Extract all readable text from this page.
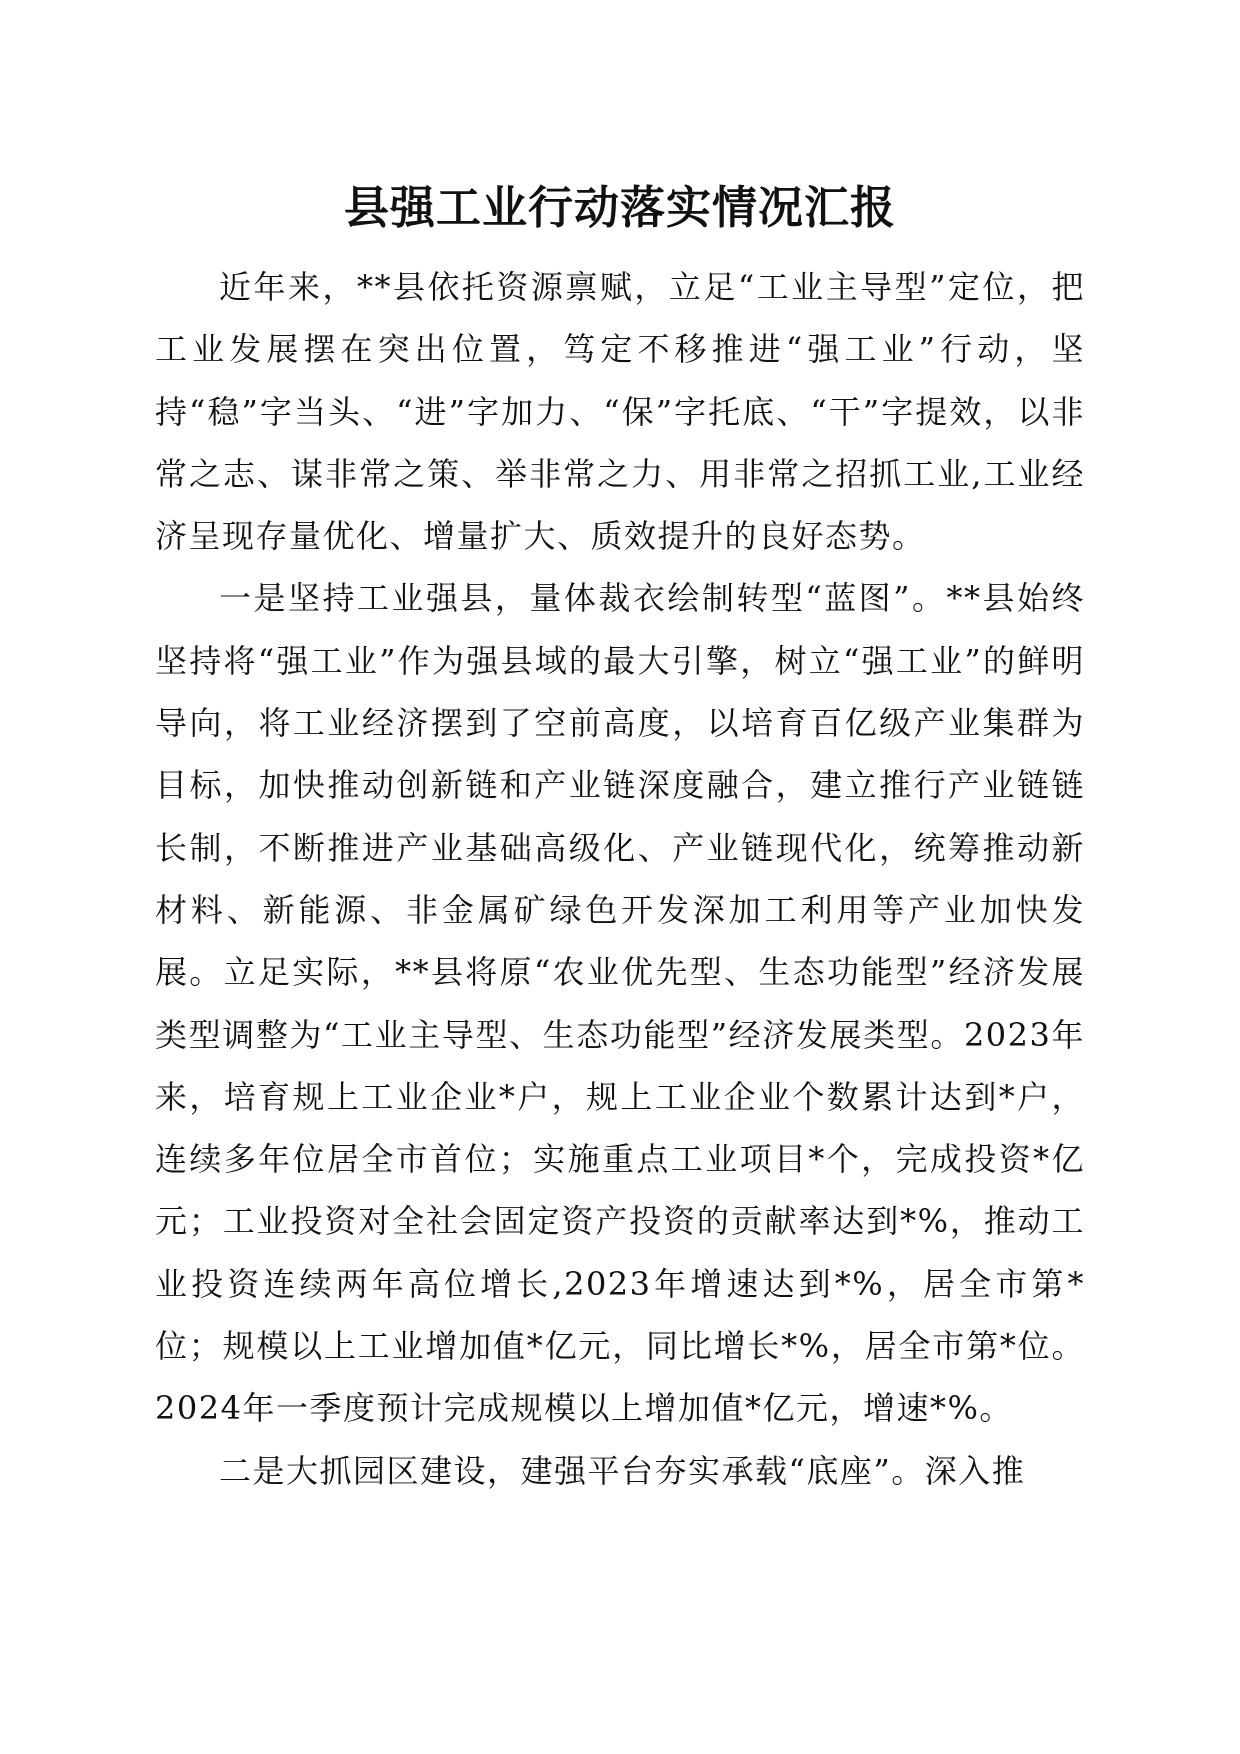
县强工业行动落实情况汇报

近年来，**县依托资源禀赋，立足“工业主导型”定位，把工业发展摆在突出位置，笃定不移推进“强工业”行动，坚持“稳”字当头、“进”字加力、“保”字托底、“干”字提效，以非常之志、谋非常之策、举非常之力、用非常之招抓工业,工业经济呈现存量优化、增量扩大、质效提升的良好态势。

一是坚持工业强县，量体裁衣绘制转型“蓝图”。**县始终坚持将“强工业”作为强县域的最大引擎，树立“强工业”的鲜明导向，将工业经济摆到了空前高度，以培育百亿级产业集群为目标，加快推动创新链和产业链深度融合，建立推行产业链链长制，不断推进产业基础高级化、产业链现代化，统筹推动新材料、新能源、非金属矿绿色开发深加工利用等产业加快发展。立足实际，**县将原“农业优先型、生态功能型”经济发展类型调整为“工业主导型、生态功能型”经济发展类型。2023年来，培育规上工业企业*户，规上工业企业个数累计达到*户，连续多年位居全市首位；实施重点工业项目*个，完成投资*亿元；工业投资对全社会固定资产投资的贡献率达到*%，推动工业投资连续两年高位增长,2023年增速达到*%，居全市第*位；规模以上工业增加值*亿元，同比增长*%，居全市第*位。2024年一季度预计完成规模以上增加值*亿元，增速*%。

二是大抓园区建设，建强平台夯实承载“底座”。深入推
